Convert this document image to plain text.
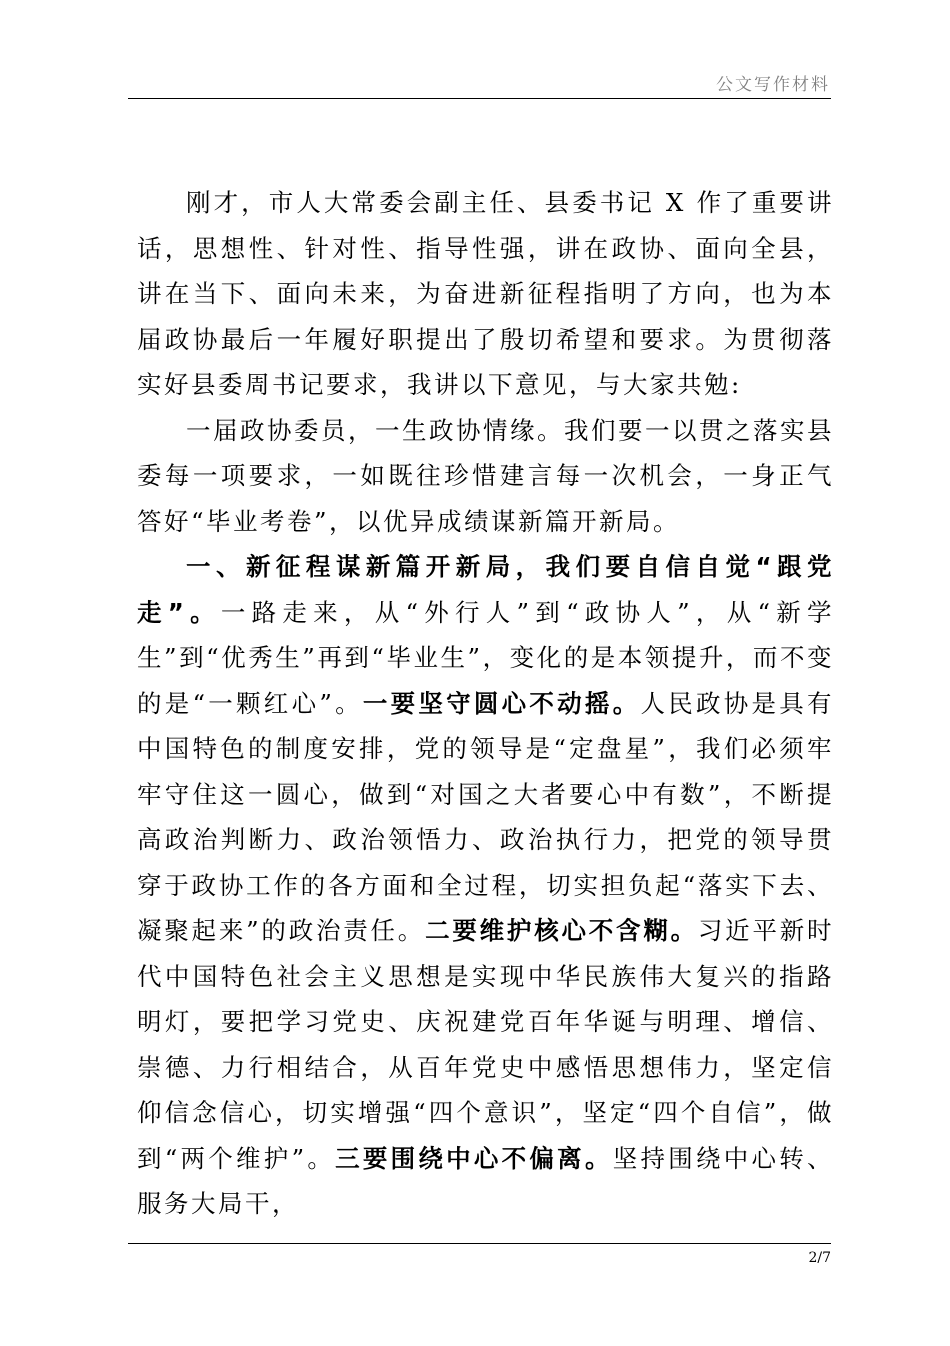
公文写作材料

刚才，市人大常委会副主任、县委书记 X 作了重要讲话，思想性、针对性、指导性强，讲在政协、面向全县，讲在当下、面向未来，为奋进新征程指明了方向，也为本届政协最后一年履好职提出了殷切希望和要求。为贯彻落实好县委周书记要求，我讲以下意见，与大家共勉:

一届政协委员，一生政协情缘。我们要一以贯之落实县委每一项要求，一如既往珍惜建言每一次机会，一身正气答好“毕业考卷”，以优异成绩谋新篇开新局。

一、新征程谋新篇开新局，我们要自信自觉“跟党走”。一路走来，从“外行人”到“政协人”，从“新学生”到“优秀生”再到“毕业生”，变化的是本领提升，而不变的是“一颗红心”。一要坚守圆心不动摇。人民政协是具有中国特色的制度安排，党的领导是“定盘星”，我们必须牢牢守住这一圆心，做到“对国之大者要心中有数”，不断提高政治判断力、政治领悟力、政治执行力，把党的领导贯穿于政协工作的各方面和全过程，切实担负起“落实下去、凝聚起来”的政治责任。二要维护核心不含糊。习近平新时代中国特色社会主义思想是实现中华民族伟大复兴的指路明灯，要把学习党史、庆祝建党百年华诞与明理、增信、崇德、力行相结合，从百年党史中感悟思想伟力，坚定信仰信念信心，切实增强“四个意识”，坚定“四个自信”，做到“两个维护”。三要围绕中心不偏离。坚持围绕中心转、服务大局干，

2/7
